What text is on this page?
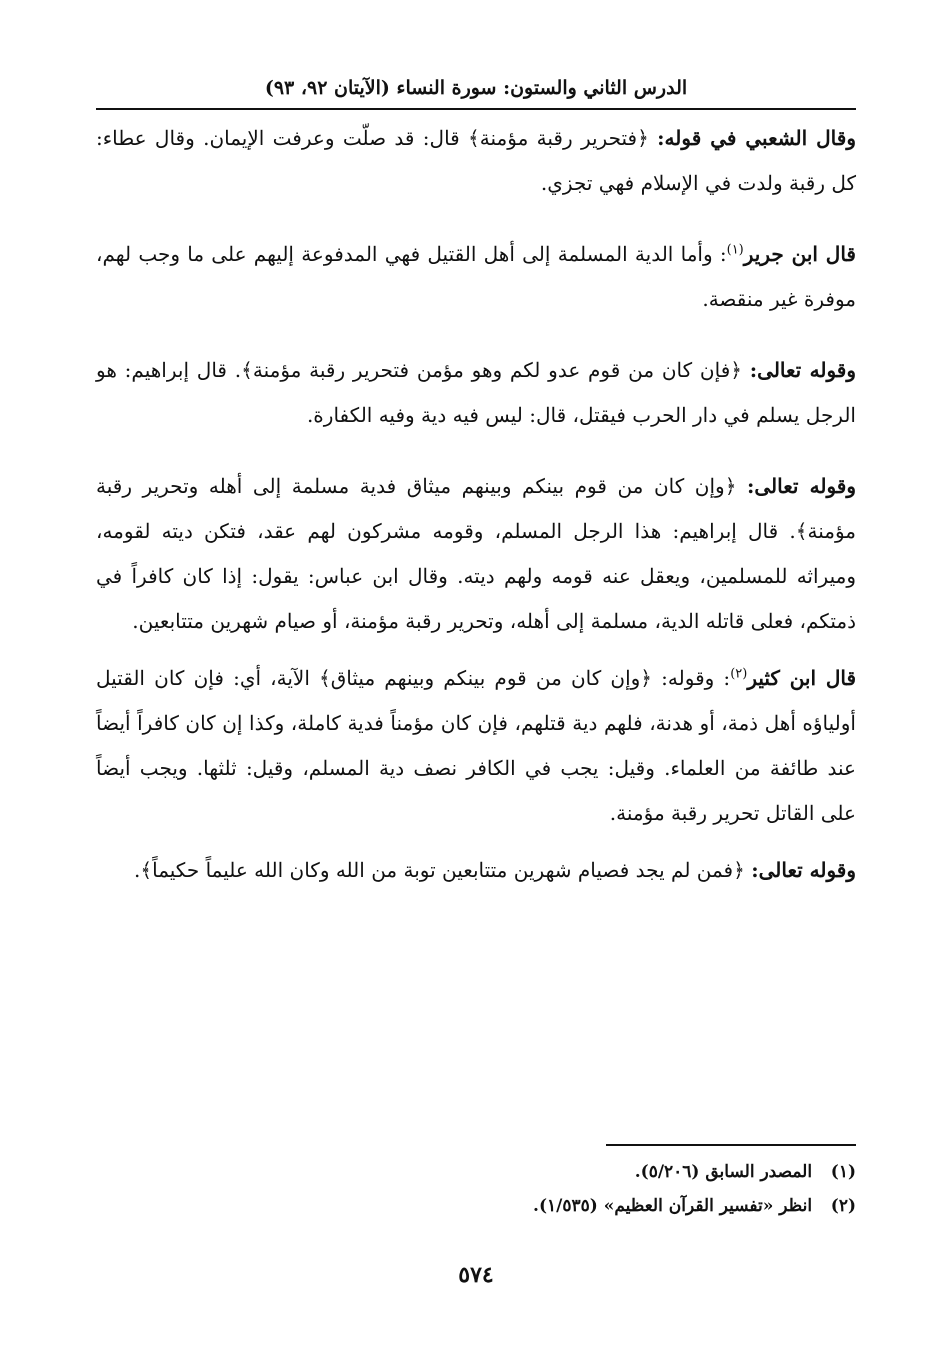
الدرس الثاني والستون: سورة النساء (الآيتان ٩٢، ٩٣)

وقال الشعبي في قوله: ﴿فتحرير رقبة مؤمنة﴾ قال: قد صلّت وعرفت الإيمان. وقال عطاء: كل رقبة ولدت في الإسلام فهي تجزي.

قال ابن جرير$^{(١)}$: وأما الدية المسلمة إلى أهل القتيل فهي المدفوعة إليهم على ما وجب لهم، موفرة غير منقصة.

وقوله تعالى: ﴿فإن كان من قوم عدو لكم وهو مؤمن فتحرير رقبة مؤمنة﴾. قال إبراهيم: هو الرجل يسلم في دار الحرب فيقتل، قال: ليس فيه دية وفيه الكفارة.

وقوله تعالى: ﴿وإن كان من قوم بينكم وبينهم ميثاق فدية مسلمة إلى أهله وتحرير رقبة مؤمنة﴾. قال إبراهيم: هذا الرجل المسلم، وقومه مشركون لهم عقد، فتكن ديته لقومه، وميراثه للمسلمين، ويعقل عنه قومه ولهم ديته. وقال ابن عباس: يقول: إذا كان كافراً في ذمتكم، فعلى قاتله الدية، مسلمة إلى أهله، وتحرير رقبة مؤمنة، أو صيام شهرين متتابعين.

قال ابن كثير$^{(٢)}$: وقوله: ﴿وإن كان من قوم بينكم وبينهم ميثاق﴾ الآية، أي: فإن كان القتيل أولياؤه أهل ذمة، أو هدنة، فلهم دية قتلهم، فإن كان مؤمناً فدية كاملة، وكذا إن كان كافراً أيضاً عند طائفة من العلماء. وقيل: يجب في الكافر نصف دية المسلم، وقيل: ثلثها. ويجب أيضاً على القاتل تحرير رقبة مؤمنة.

وقوله تعالى: ﴿فمن لم يجد فصيام شهرين متتابعين توبة من الله وكان الله عليماً حكيماً﴾.

(١) المصدر السابق (٥/٢٠٦).
(٢) انظر «تفسير القرآن العظيم» (١/٥٣٥).
٥٧٤
